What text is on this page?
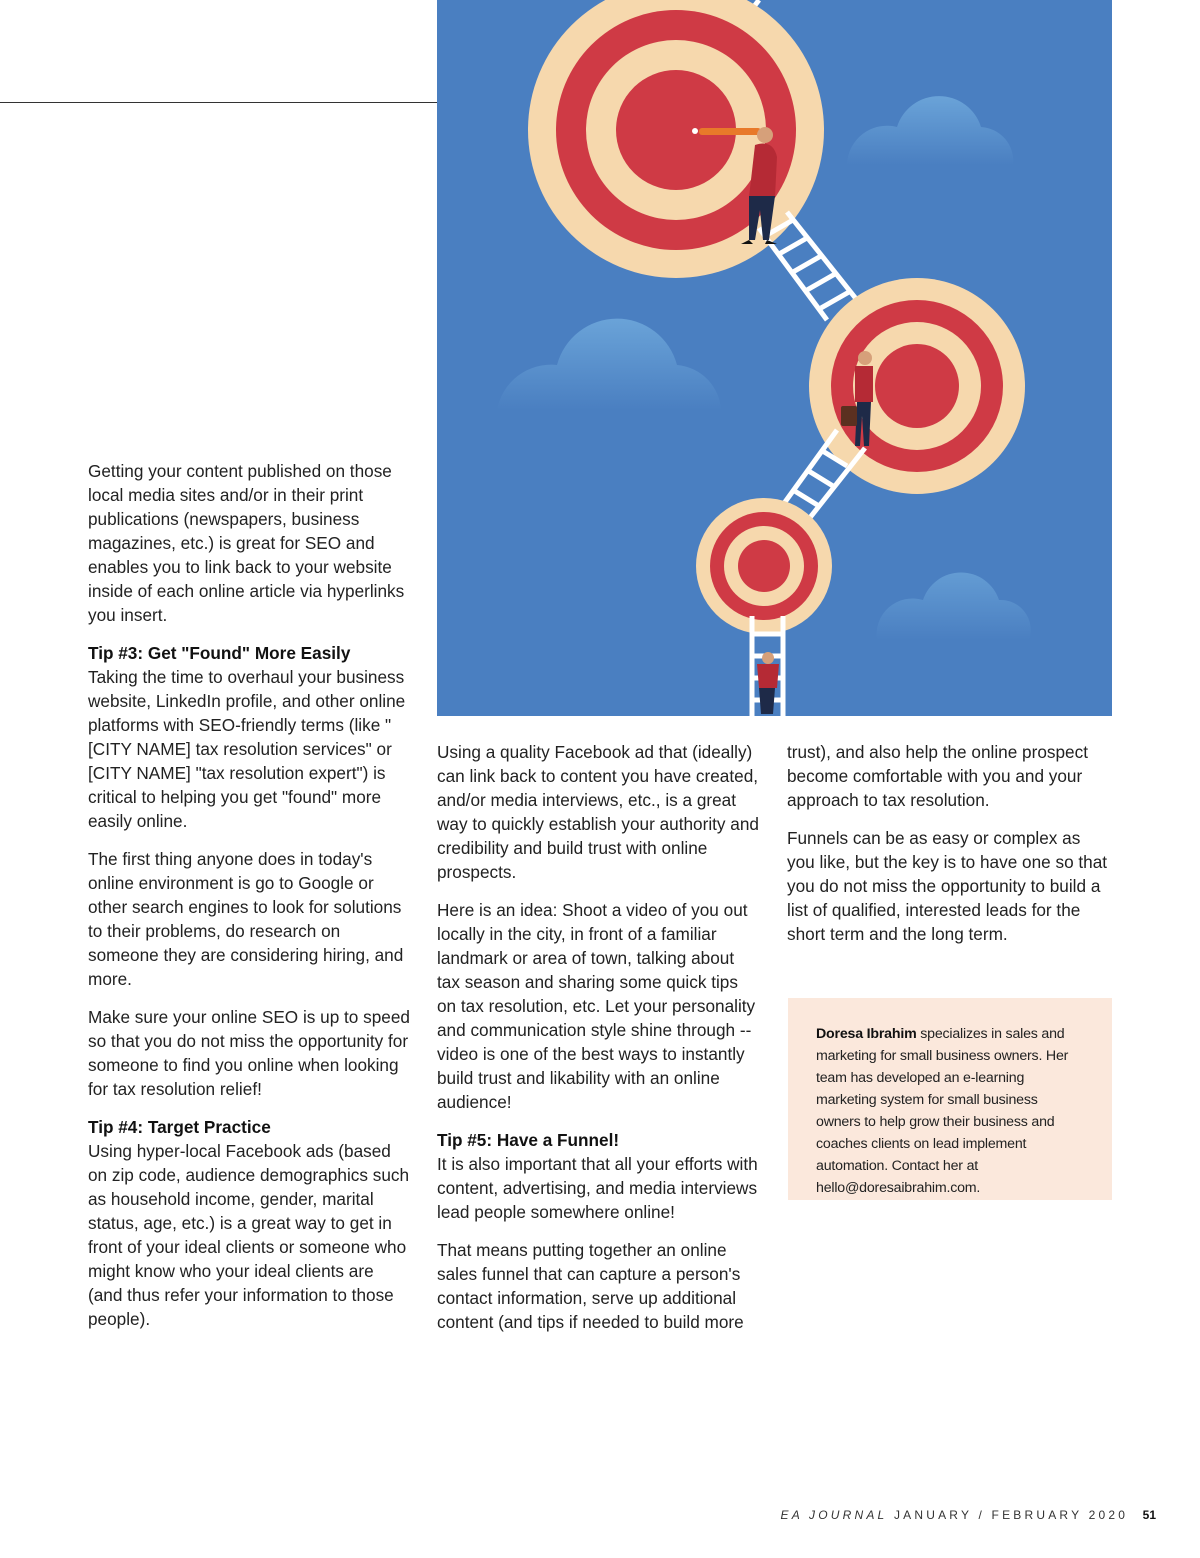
Getting your content published on those local media sites and/or in their print publications (newspapers, business magazines, etc.) is great for SEO and enables you to link back to your website inside of each online article via hyperlinks you insert.

Tip #3: Get "Found" More Easily
Taking the time to overhaul your business website, LinkedIn profile, and other online platforms with SEO-friendly terms (like "[CITY NAME] tax resolution services" or [CITY NAME] "tax resolution expert") is critical to helping you get "found" more easily online.

The first thing anyone does in today's online environment is go to Google or other search engines to look for solutions to their problems, do research on someone they are considering hiring, and more.

Make sure your online SEO is up to speed so that you do not miss the opportunity for someone to find you online when looking for tax resolution relief!

Tip #4: Target Practice
Using hyper-local Facebook ads (based on zip code, audience demographics such as household income, gender, marital status, age, etc.) is a great way to get in front of your ideal clients or someone who might know who your ideal clients are (and thus refer your information to those people).

Using a quality Facebook ad that (ideally) can link back to content you have created, and/or media interviews, etc., is a great way to quickly establish your authority and credibility and build trust with online prospects.

Here is an idea: Shoot a video of you out locally in the city, in front of a familiar landmark or area of town, talking about tax season and sharing some quick tips on tax resolution, etc. Let your personality and communication style shine through -- video is one of the best ways to instantly build trust and likability with an online audience!

Tip #5: Have a Funnel!
It is also important that all your efforts with content, advertising, and media interviews lead people somewhere online!

That means putting together an online sales funnel that can capture a person's contact information, serve up additional content (and tips if needed to build more

trust), and also help the online prospect become comfortable with you and your approach to tax resolution.

Funnels can be as easy or complex as you like, but the key is to have one so that you do not miss the opportunity to build a list of qualified, interested leads for the short term and the long term.

Doresa Ibrahim specializes in sales and marketing for small business owners. Her team has developed an e-learning marketing system for small business owners to help grow their business and coaches clients on lead implement automation. Contact her at hello@doresaibrahim.com.
EA JOURNAL JANUARY / FEBRUARY 2020 51
